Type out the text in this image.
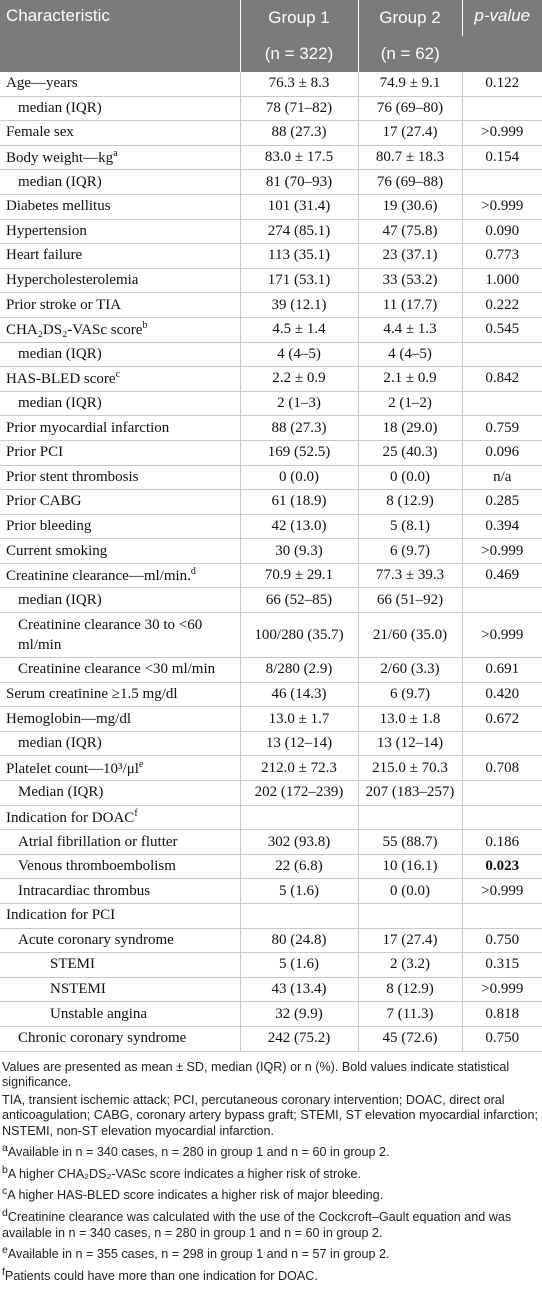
Characteristic	Group 1	Group 2	p-value
	(n = 322)	(n = 62)	
Age—years	76.3 ± 8.3	74.9 ± 9.1	0.122
median (IQR)	78 (71–82)	76 (69–80)	
Female sex	88 (27.3)	17 (27.4)	>0.999
Body $weight—kg^a$	83.0 ± 17.5	80.7 ± 18.3	0.154
median (IQR)	81 (70–93)	76 (69–88)	
Diabetes mellitus	101 (31.4)	19 (30.6)	>0.999
Hypertension	274 (85.1)	47 (75.8)	0.090
Heart failure	113 (35.1)	23 (37.1)	0.773
Hypercholesterolemia	171 (53.1)	33 (53.2)	1.000
Prior stroke or TIA	39 (12.1)	11 (17.7)	0.222
CHA₂DS₂-VASc score$^b$	4.5 ± 1.4	4.4 ± 1.3	0.545
median (IQR)	4 (4–5)	4 (4–5)	
HAS-BLED score$^c$	2.2 ± 0.9	2.1 ± 0.9	0.842
median (IQR)	2 (1–3)	2 (1–2)	
Prior myocardial infarction	88 (27.3)	18 (29.0)	0.759
Prior PCI	169 (52.5)	25 (40.3)	0.096
Prior stent thrombosis	0 (0.0)	0 (0.0)	n/a
Prior CABG	61 (18.9)	8 (12.9)	0.285
Prior bleeding	42 (13.0)	5 (8.1)	0.394
Current smoking	30 (9.3)	6 (9.7)	>0.999
Creatinine clearance—ml/min.$^d$	70.9 ± 29.1	77.3 ± 39.3	0.469
median (IQR)	66 (52–85)	66 (51–92)	
Creatinine clearance 30 to <60 ml/min	100/280 (35.7)	21/60 (35.0)	>0.999
Creatinine clearance <30 ml/min	8/280 (2.9)	2/60 (3.3)	0.691
Serum creatinine ≥1.5 mg/dl	46 (14.3)	6 (9.7)	0.420
Hemoglobin—mg/dl	13.0 ± 1.7	13.0 ± 1.8	0.672
median (IQR)	13 (12–14)	13 (12–14)	
Platelet $count—10^3/\mu l^e$	212.0 ± 72.3	215.0 ± 70.3	0.708
Median (IQR)	202 (172–239)	207 (183–257)	
Indication for DOAC$^f$			
Atrial fibrillation or flutter	302 (93.8)	55 (88.7)	0.186
Venous thromboembolism	22 (6.8)	10 (16.1)	0.023
Intracardiac thrombus	5 (1.6)	0 (0.0)	>0.999
Indication for PCI			
Acute coronary syndrome	80 (24.8)	17 (27.4)	0.750
STEMI	5 (1.6)	2 (3.2)	0.315
NSTEMI	43 (13.4)	8 (12.9)	>0.999
Unstable angina	32 (9.9)	7 (11.3)	0.818
Chronic coronary syndrome	242 (75.2)	45 (72.6)	0.750

Values are presented as mean ± SD, median (IQR) or n (%). Bold values indicate statistical significance.

TIA, transient ischemic attack; PCI, percutaneous coronary intervention; DOAC, direct oral anticoagulation; CABG, coronary artery bypass graft; STEMI, ST elevation myocardial infarction; NSTEMI, non-ST elevation myocardial infarction.

$^a$Available in n = 340 cases, n = 280 in group 1 and n = 60 in group 2.

$^b$A higher CHA₂DS₂-VASc score indicates a higher risk of stroke.

$^c$A higher HAS-BLED score indicates a higher risk of major bleeding.

$^d$Creatinine clearance was calculated with the use of the Cockcroft–Gault equation and was available in n = 340 cases, n = 280 in group 1 and n = 60 in group 2.

$^e$Available in n = 355 cases, n = 298 in group 1 and n = 57 in group 2.

$^f$Patients could have more than one indication for DOAC.
